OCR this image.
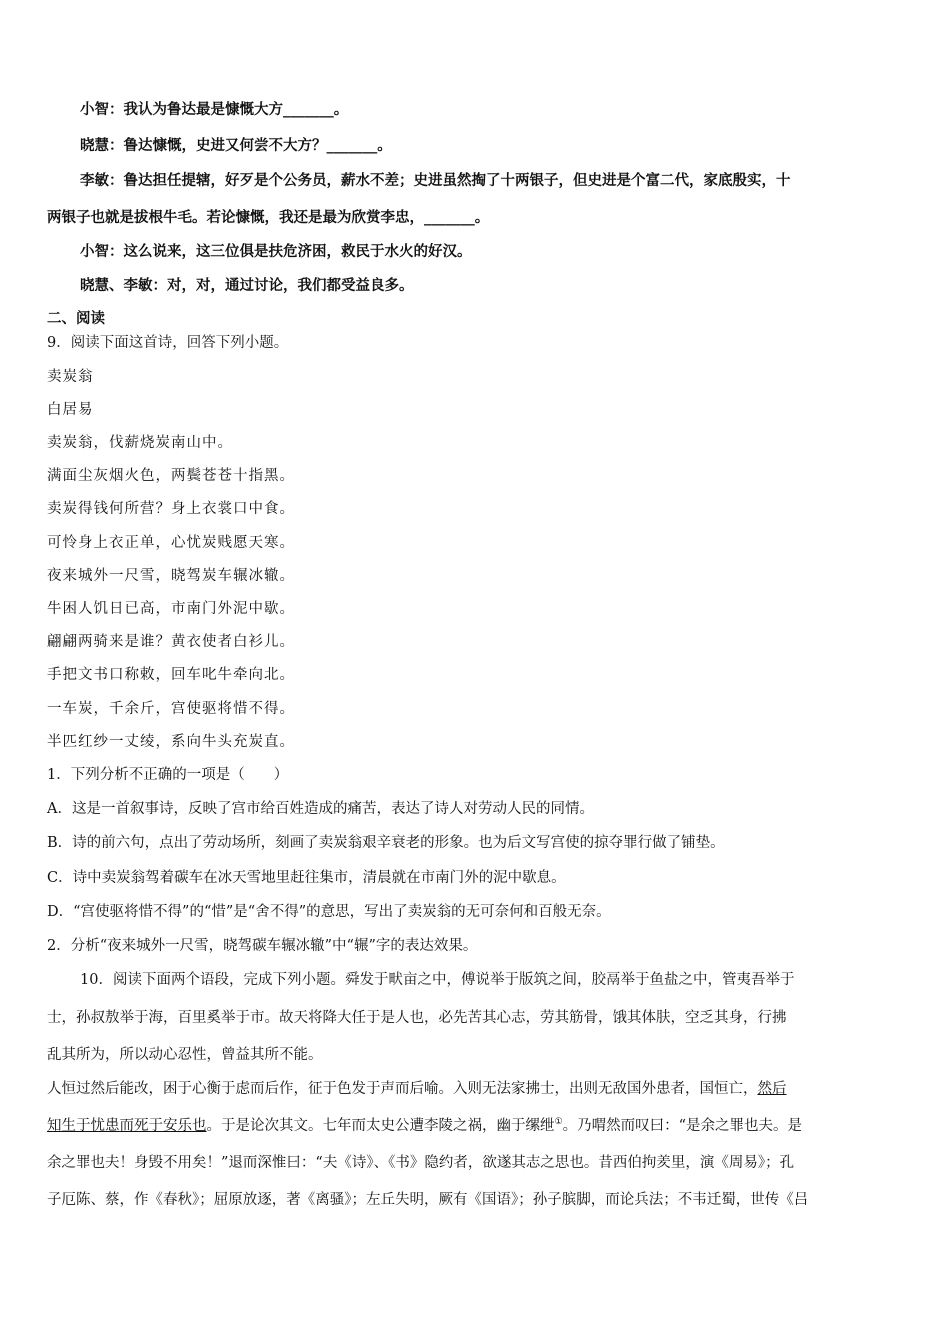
小智：我认为鲁达最是慷慨大方_______。
晓慧：鲁达慷慨，史进又何尝不大方？_______。
李敏：鲁达担任提辖，好歹是个公务员，薪水不差；史进虽然掏了十两银子，但史进是个富二代，家底殷实，十
两银子也就是拔根牛毛。若论慷慨，我还是最为欣赏李忠，_______。
小智：这么说来，这三位俱是扶危济困，救民于水火的好汉。
晓慧、李敏：对，对，通过讨论，我们都受益良多。
二、阅读
9．阅读下面这首诗，回答下列小题。
卖炭翁
白居易
卖炭翁，伐薪烧炭南山中。
满面尘灰烟火色，两鬓苍苍十指黑。
卖炭得钱何所营？身上衣裳口中食。
可怜身上衣正单，心忧炭贱愿天寒。
夜来城外一尺雪，晓驾炭车辗冰辙。
牛困人饥日已高，市南门外泥中歇。
翩翩两骑来是谁？黄衣使者白衫儿。
手把文书口称敕，回车叱牛牵向北。
一车炭，千余斤，宫使驱将惜不得。
半匹红纱一丈绫，系向牛头充炭直。
1．下列分析不正确的一项是（　　）
A．这是一首叙事诗，反映了宫市给百姓造成的痛苦，表达了诗人对劳动人民的同情。
B．诗的前六句，点出了劳动场所，刻画了卖炭翁艰辛衰老的形象。也为后文写宫使的掠夺罪行做了铺垫。
C．诗中卖炭翁驾着碳车在冰天雪地里赶往集市，清晨就在市南门外的泥中歇息。
D．“宫使驱将惜不得”的“惜”是“舍不得”的意思，写出了卖炭翁的无可奈何和百般无奈。
2．分析“夜来城外一尺雪，晓驾碳车辗冰辙”中“辗”字的表达效果。
10．阅读下面两个语段，完成下列小题。舜发于畎亩之中，傅说举于版筑之间，胶鬲举于鱼盐之中，管夷吾举于
士，孙叔敖举于海，百里奚举于市。故天将降大任于是人也，必先苦其心志，劳其筋骨，饿其体肤，空乏其身，行拂
乱其所为，所以动心忍性，曾益其所不能。
人恒过然后能改，困于心衡于虑而后作，征于色发于声而后喻。入则无法家拂士，出则无敌国外患者，国恒亡，然后
知生于忧患而死于安乐也。于是论次其文。七年而太史公遭李陵之祸，幽于缧绁①。乃喟然而叹曰：“是余之罪也夫。是
余之罪也夫！身毁不用矣！”退而深惟曰：“夫《诗》、《书》隐约者，欲遂其志之思也。昔西伯拘羑里，演《周易》；孔
子厄陈、蔡，作《春秋》；屈原放逐，著《离骚》；左丘失明，厥有《国语》；孙子膑脚，而论兵法；不韦迁蜀，世传《吕
